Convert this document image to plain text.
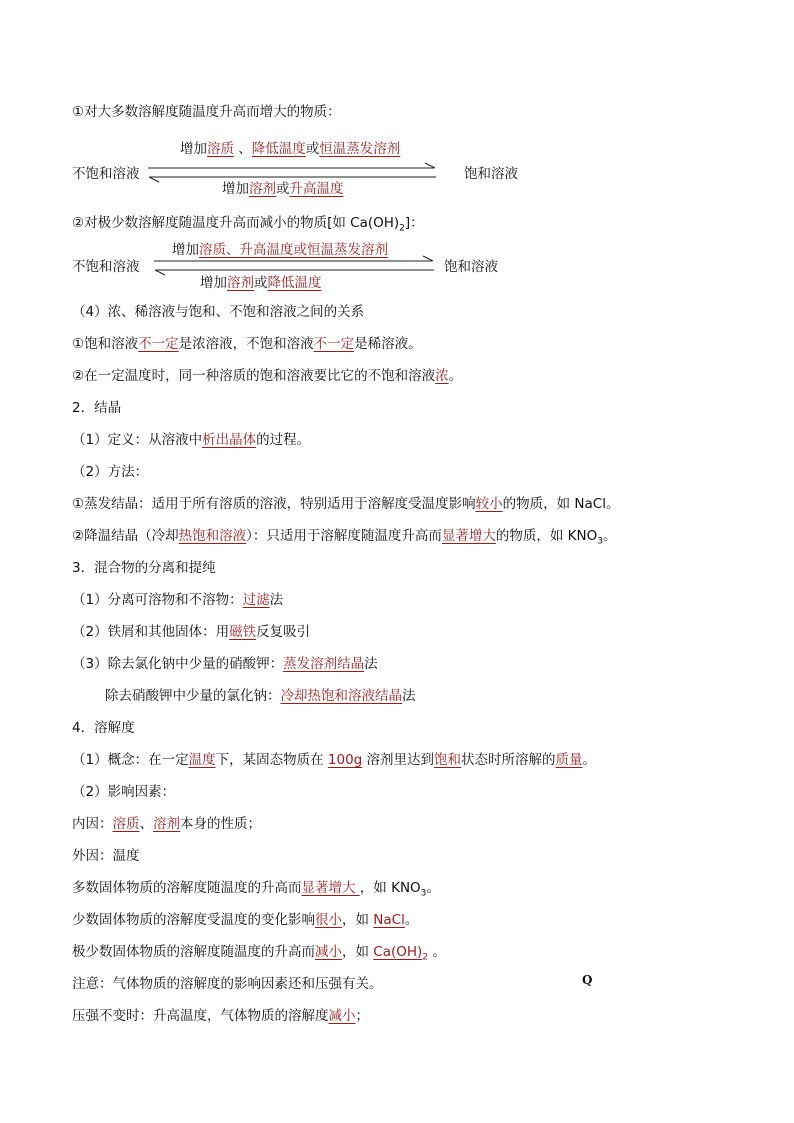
①对大多数溶解度随温度升高而增大的物质：
增加溶质 、降低温度或恒温蒸发溶剂
不饱和溶液	饱和溶液
增加溶剂或升高温度
②对极少数溶解度随温度升高而减小的物质[如 $Ca(OH)_2$]：
增加溶质、升高温度或恒温蒸发溶剂
不饱和溶液	饱和溶液
增加溶剂或降低温度
（4）浓、稀溶液与饱和、不饱和溶液之间的关系
①饱和溶液不一定是浓溶液，不饱和溶液不一定是稀溶液。
②在一定温度时，同一种溶质的饱和溶液要比它的不饱和溶液浓。
2．结晶
（1）定义：从溶液中析出晶体的过程。
（2）方法：
①蒸发结晶：适用于所有溶质的溶液，特别适用于溶解度受温度影响较小的物质，如 NaCl。
②降温结晶（冷却热饱和溶液）：只适用于溶解度随温度升高而显著增大的物质，如 $KNO_3$。
3．混合物的分离和提纯
（1）分离可溶物和不溶物：过滤法
（2）铁屑和其他固体：用磁铁反复吸引
（3）除去氯化钠中少量的硝酸钾：蒸发溶剂结晶法
除去硝酸钾中少量的氯化钠：冷却热饱和溶液结晶法
4．溶解度
（1）概念：在一定温度下，某固态物质在 100g 溶剂里达到饱和状态时所溶解的质量。
（2）影响因素：
内因：溶质、溶剂本身的性质；
外因：温度
多数固体物质的溶解度随温度的升高而显著增大 ，如 $KNO_3$。
少数固体物质的溶解度受温度的变化影响很小，如 NaCl。
极少数固体物质的溶解度随温度的升高而减小，如 $Ca(OH)_2$ 。
注意：气体物质的溶解度的影响因素还和压强有关。	Q
压强不变时：升高温度，气体物质的溶解度减小；
